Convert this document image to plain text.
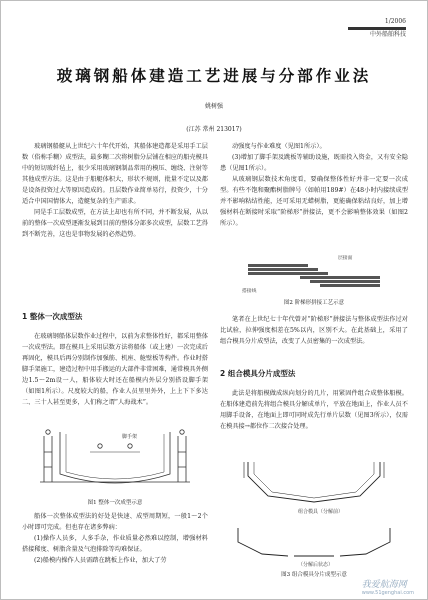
1/2006
中外船舶科技
玻璃钢船体建造工艺进展与分部作业法
姚树强
(江苏 常州 213017)

玻璃钢船艇从上世纪六十年代开始，其船体建造都是采用手工层数（俗称手糊）成型法，最多糊二次将树脂分层铺在相应的船壳模具中的短切玻纤毡上，很少采用玻璃钢制品常用的模压、缠绕、注射等其他成型方法。这是由于船艇体积大，形状不规则，批量不定以及都是设备投资过大等原因造成的。且层数作业简单易行，投资少，十分适合中国国情体大，造艇复杂的生产需求。

同是手工层数成型，在方法上却也有所不同，并不断发展，从以前的整体一次成型逐渐发展到目前的整体分部多次成型，层数工艺得到不断完善，这也是事物发展的必然趋势。

1 整体一次成型法

在玻璃钢船体层数作业过程中，以前为求整体性好，都采用整体一次成型法。即在模具上采用层数方法将船体（或上建）一次完成后再固化，模具后再分别制作加强筋、机座、舱壁板等构件。作业时搭脚手架施工，建造过程中用手搬运的大部件非常困难，通常模具外侧边1.5～2m设一人，船体较大时还在船模内外层分别搭设脚手架（如图1所示）。尺度较大的船，作业人员里里外外，上上下下多达二、三十人甚至更多，人们称之谓“人海战术”。

脚手架
图1 整体一次成型示意

船体一次整体成型法的好处是快速、成型周期短，一般1～2个小时即可完成。但也存在诸多弊病：

(1)操作人员多，人多手杂，作业质量必然难以控制，增强材料搭接稀度、树脂含量及气泡排除等均难保证。

(2)船模内操作人员需踏在跳板上作业，加大了劳

动强度与作业难度（见图1所示）。

(3)增加了脚手架及跳板等辅助设施，既需投入资金，又有安全隐患（见图1所示）。

从玻璃钢层数技术角度看，要确保整体性好并非一定要一次成型。有些不饱和聚酯树脂牌号（如帕用189#）在48小时内接续成型并不影响粘结性能，还可采用无蜡树脂，更能确保粘结良好，加上增强材料在断接时采取“阶梯形”拼接法，更不会影响整体效果（如图2所示）。

层接面
搭接线
图2 阶梯形拼接工艺示意

笔者在上世纪七十年代曾对“阶梯形”拼接法与整体成型法作过对比试验，拉伸强度相差在5%以内，区别不大。在此基础上，采用了组合模具分片成型法，改变了人员密集的一次成型法。

2 组合模具分片成型法

此法是将船模做成纵向划分的几片，用紧固件组合成整体船模。在船体建造前先将组合模具分解成单片，平放在地面上，作业人员不用脚手设备，在地面上即可同时成先行单片层数（见图3所示），仅需在模具接→都位作二次接合处理。

组合模具（分解前）
（分解后状态）
图3 组合模具分片成型示意
我爱航海网
www.51genghai.com
